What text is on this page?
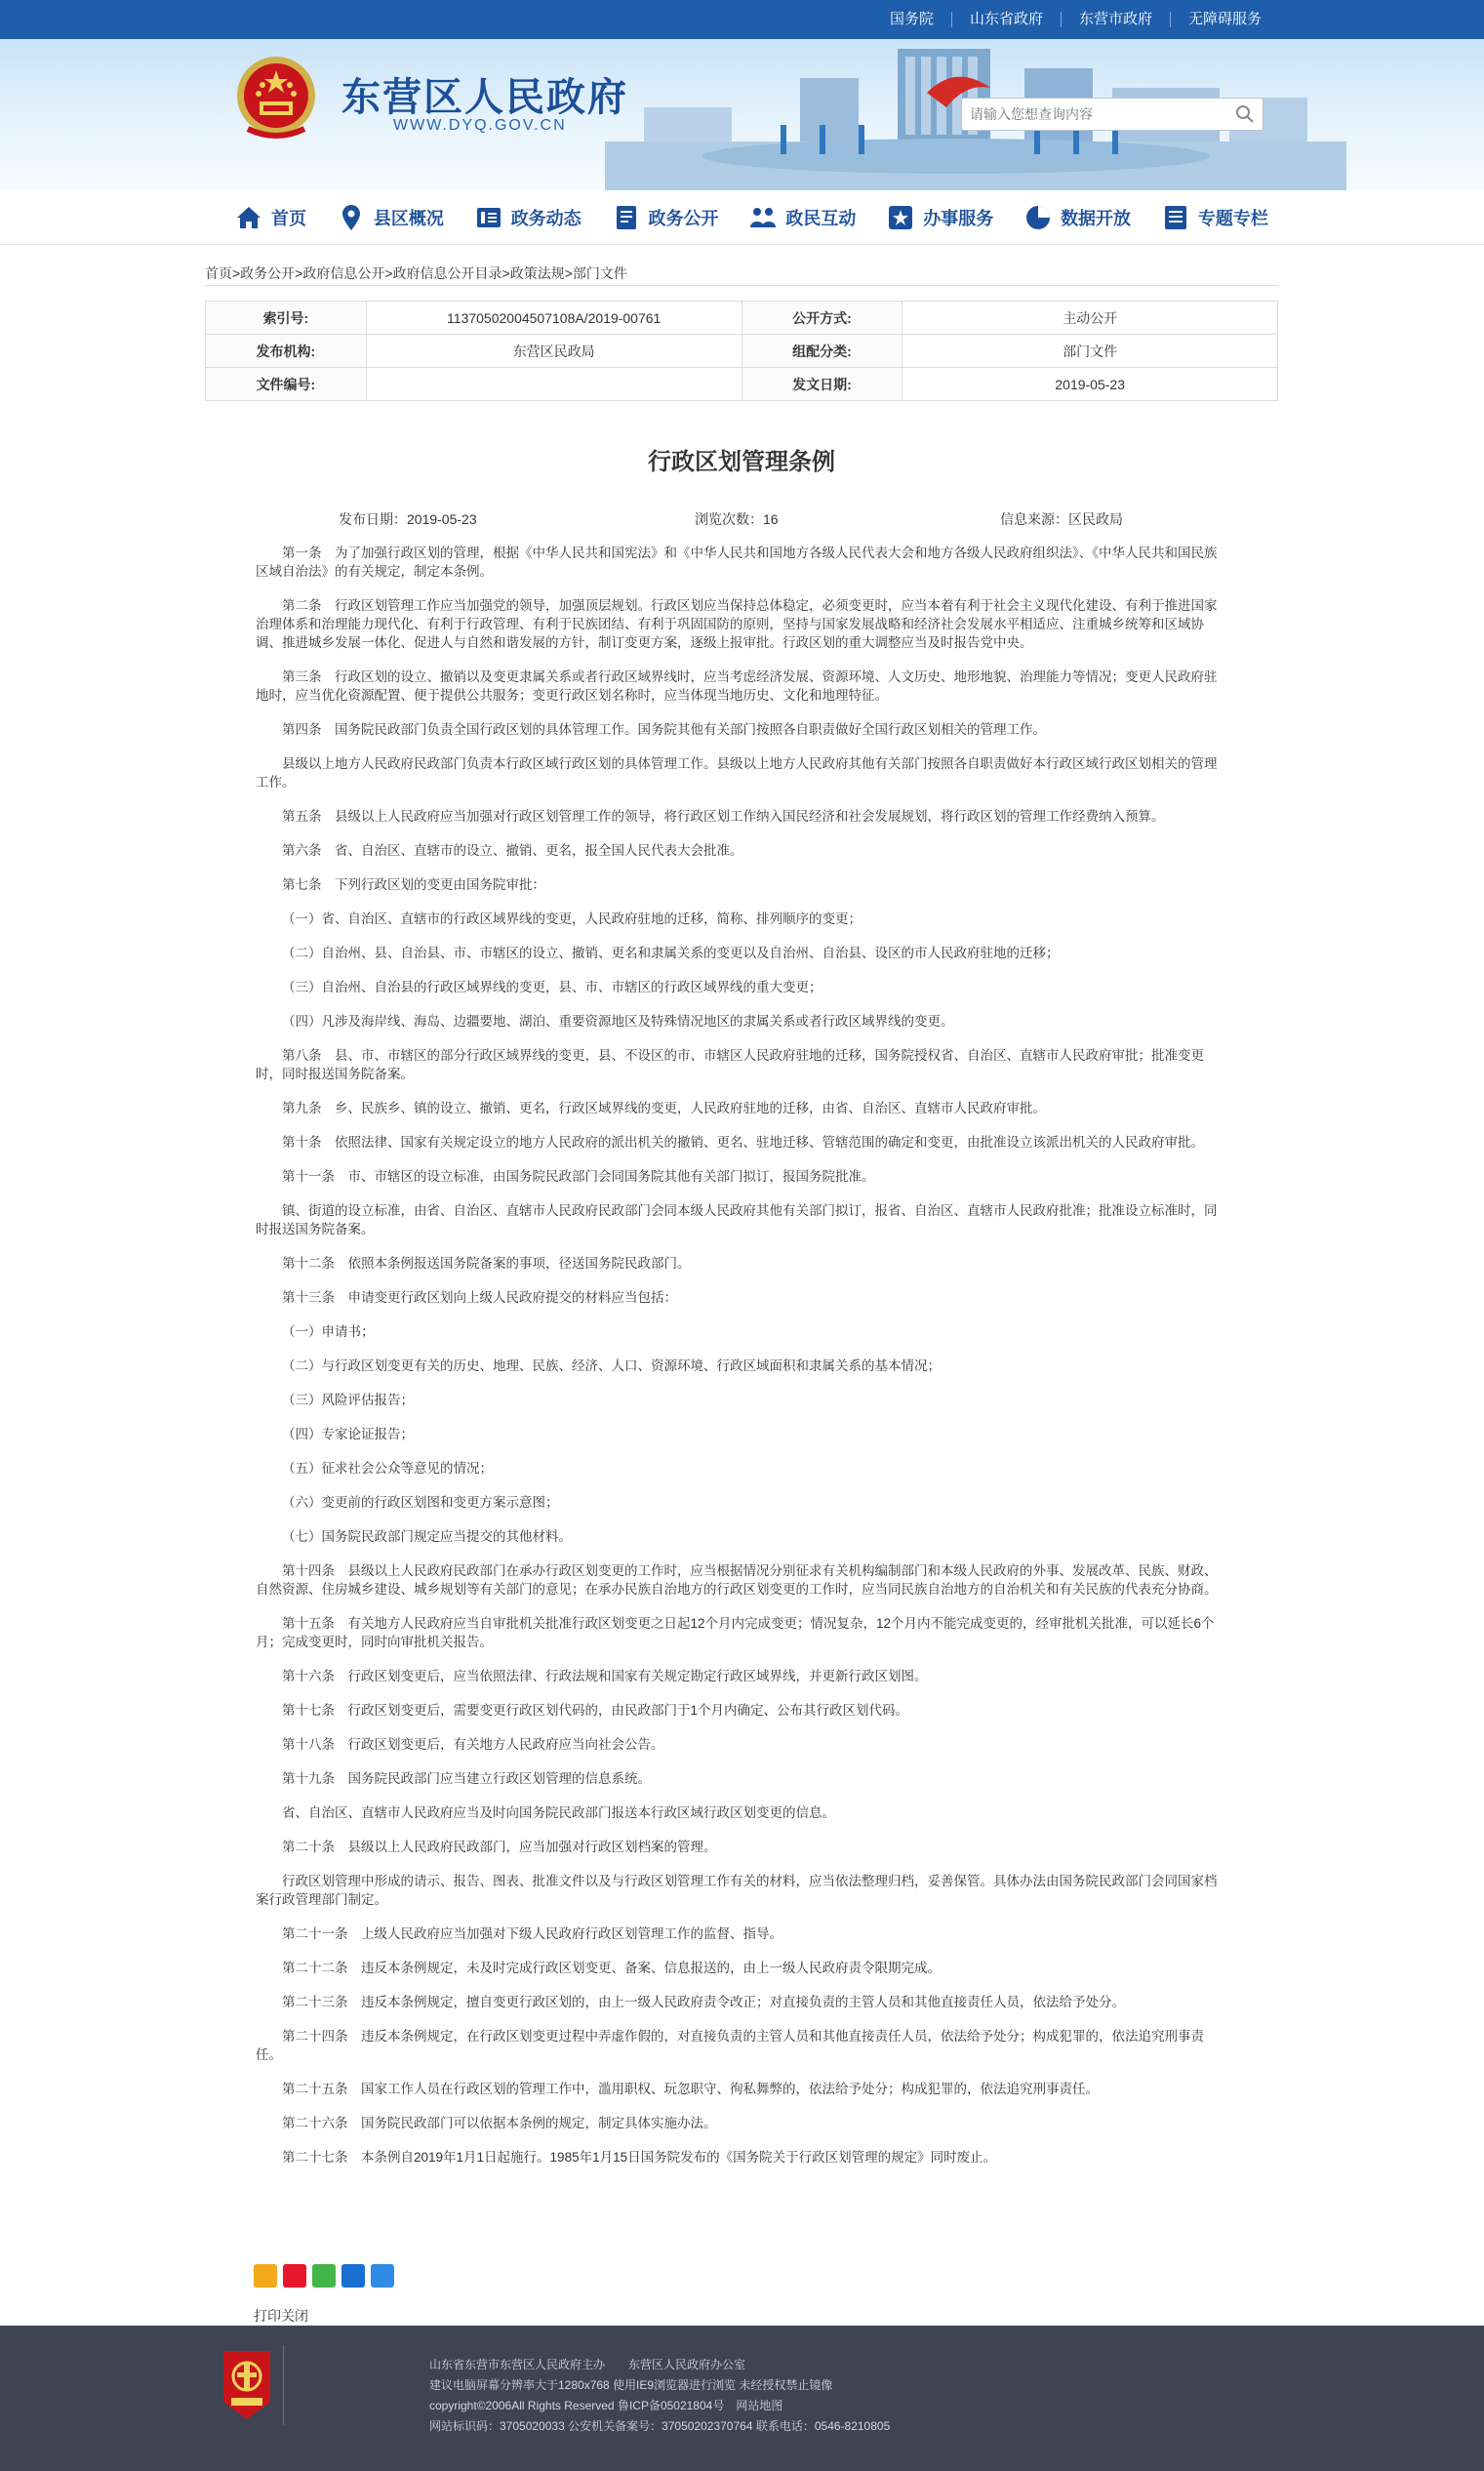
国务院	山东省政府	东营市政府	无障碍服务
东营区人民政府
WWW.DYQ.GOV.CN
请输入您想查询内容
首页	县区概况	政务动态	政务公开	政民互动	办事服务	数据开放	专题专栏
首页>政务公开>政府信息公开>政府信息公开目录>政策法规>部门文件
索引号:	11370502004507108A/2019-00761	公开方式:	主动公开
发布机构:	东营区民政局	组配分类:	部门文件
文件编号:		发文日期:	2019-05-23
行政区划管理条例
发布日期：2019-05-23	浏览次数：16	信息来源：区民政局

第一条　为了加强行政区划的管理，根据《中华人民共和国宪法》和《中华人民共和国地方各级人民代表大会和地方各级人民政府组织法》、《中华人民共和国民族区域自治法》的有关规定，制定本条例。

第二条　行政区划管理工作应当加强党的领导，加强顶层规划。行政区划应当保持总体稳定，必须变更时，应当本着有利于社会主义现代化建设、有利于推进国家治理体系和治理能力现代化、有利于行政管理、有利于民族团结、有利于巩固国防的原则，坚持与国家发展战略和经济社会发展水平相适应、注重城乡统筹和区域协调、推进城乡发展一体化、促进人与自然和谐发展的方针，制订变更方案，逐级上报审批。行政区划的重大调整应当及时报告党中央。

第三条　行政区划的设立、撤销以及变更隶属关系或者行政区域界线时，应当考虑经济发展、资源环境、人文历史、地形地貌、治理能力等情况；变更人民政府驻地时，应当优化资源配置、便于提供公共服务；变更行政区划名称时，应当体现当地历史、文化和地理特征。

第四条　国务院民政部门负责全国行政区划的具体管理工作。国务院其他有关部门按照各自职责做好全国行政区划相关的管理工作。

县级以上地方人民政府民政部门负责本行政区域行政区划的具体管理工作。县级以上地方人民政府其他有关部门按照各自职责做好本行政区域行政区划相关的管理工作。

第五条　县级以上人民政府应当加强对行政区划管理工作的领导，将行政区划工作纳入国民经济和社会发展规划，将行政区划的管理工作经费纳入预算。

第六条　省、自治区、直辖市的设立、撤销、更名，报全国人民代表大会批准。

第七条　下列行政区划的变更由国务院审批：

（一）省、自治区、直辖市的行政区域界线的变更，人民政府驻地的迁移，简称、排列顺序的变更；

（二）自治州、县、自治县、市、市辖区的设立、撤销、更名和隶属关系的变更以及自治州、自治县、设区的市人民政府驻地的迁移；

（三）自治州、自治县的行政区域界线的变更，县、市、市辖区的行政区域界线的重大变更；

（四）凡涉及海岸线、海岛、边疆要地、湖泊、重要资源地区及特殊情况地区的隶属关系或者行政区域界线的变更。

第八条　县、市、市辖区的部分行政区域界线的变更，县、不设区的市、市辖区人民政府驻地的迁移，国务院授权省、自治区、直辖市人民政府审批；批准变更时，同时报送国务院备案。

第九条　乡、民族乡、镇的设立、撤销、更名，行政区域界线的变更，人民政府驻地的迁移，由省、自治区、直辖市人民政府审批。

第十条　依照法律、国家有关规定设立的地方人民政府的派出机关的撤销、更名、驻地迁移、管辖范围的确定和变更，由批准设立该派出机关的人民政府审批。

第十一条　市、市辖区的设立标准，由国务院民政部门会同国务院其他有关部门拟订，报国务院批准。

镇、街道的设立标准，由省、自治区、直辖市人民政府民政部门会同本级人民政府其他有关部门拟订，报省、自治区、直辖市人民政府批准；批准设立标准时，同时报送国务院备案。

第十二条　依照本条例报送国务院备案的事项，径送国务院民政部门。

第十三条　申请变更行政区划向上级人民政府提交的材料应当包括：

（一）申请书；

（二）与行政区划变更有关的历史、地理、民族、经济、人口、资源环境、行政区域面积和隶属关系的基本情况；

（三）风险评估报告；

（四）专家论证报告；

（五）征求社会公众等意见的情况；

（六）变更前的行政区划图和变更方案示意图；

（七）国务院民政部门规定应当提交的其他材料。

第十四条　县级以上人民政府民政部门在承办行政区划变更的工作时，应当根据情况分别征求有关机构编制部门和本级人民政府的外事、发展改革、民族、财政、自然资源、住房城乡建设、城乡规划等有关部门的意见；在承办民族自治地方的行政区划变更的工作时，应当同民族自治地方的自治机关和有关民族的代表充分协商。

第十五条　有关地方人民政府应当自审批机关批准行政区划变更之日起12个月内完成变更；情况复杂，12个月内不能完成变更的，经审批机关批准，可以延长6个月；完成变更时，同时向审批机关报告。

第十六条　行政区划变更后，应当依照法律、行政法规和国家有关规定勘定行政区域界线，并更新行政区划图。

第十七条　行政区划变更后，需要变更行政区划代码的，由民政部门于1个月内确定、公布其行政区划代码。

第十八条　行政区划变更后，有关地方人民政府应当向社会公告。

第十九条　国务院民政部门应当建立行政区划管理的信息系统。

省、自治区、直辖市人民政府应当及时向国务院民政部门报送本行政区域行政区划变更的信息。

第二十条　县级以上人民政府民政部门，应当加强对行政区划档案的管理。

行政区划管理中形成的请示、报告、图表、批准文件以及与行政区划管理工作有关的材料，应当依法整理归档，妥善保管。具体办法由国务院民政部门会同国家档案行政管理部门制定。

第二十一条　上级人民政府应当加强对下级人民政府行政区划管理工作的监督、指导。

第二十二条　违反本条例规定，未及时完成行政区划变更、备案、信息报送的，由上一级人民政府责令限期完成。

第二十三条　违反本条例规定，擅自变更行政区划的，由上一级人民政府责令改正；对直接负责的主管人员和其他直接责任人员，依法给予处分。

第二十四条　违反本条例规定，在行政区划变更过程中弄虚作假的，对直接负责的主管人员和其他直接责任人员，依法给予处分；构成犯罪的，依法追究刑事责任。

第二十五条　国家工作人员在行政区划的管理工作中，滥用职权、玩忽职守、徇私舞弊的，依法给予处分；构成犯罪的，依法追究刑事责任。

第二十六条　国务院民政部门可以依据本条例的规定，制定具体实施办法。

第二十七条　本条例自2019年1月1日起施行。1985年1月15日国务院发布的《国务院关于行政区划管理的规定》同时废止。

打印关闭
山东省东营市东营区人民政府主办　　东营区人民政府办公室
建议电脑屏幕分辨率大于1280x768 使用IE9浏览器进行浏览 未经授权禁止镜像
copyright©2006All Rights Reserved 鲁ICP备05021804号　网站地图
网站标识码：3705020033 公安机关备案号：37050202370764 联系电话：0546-8210805
